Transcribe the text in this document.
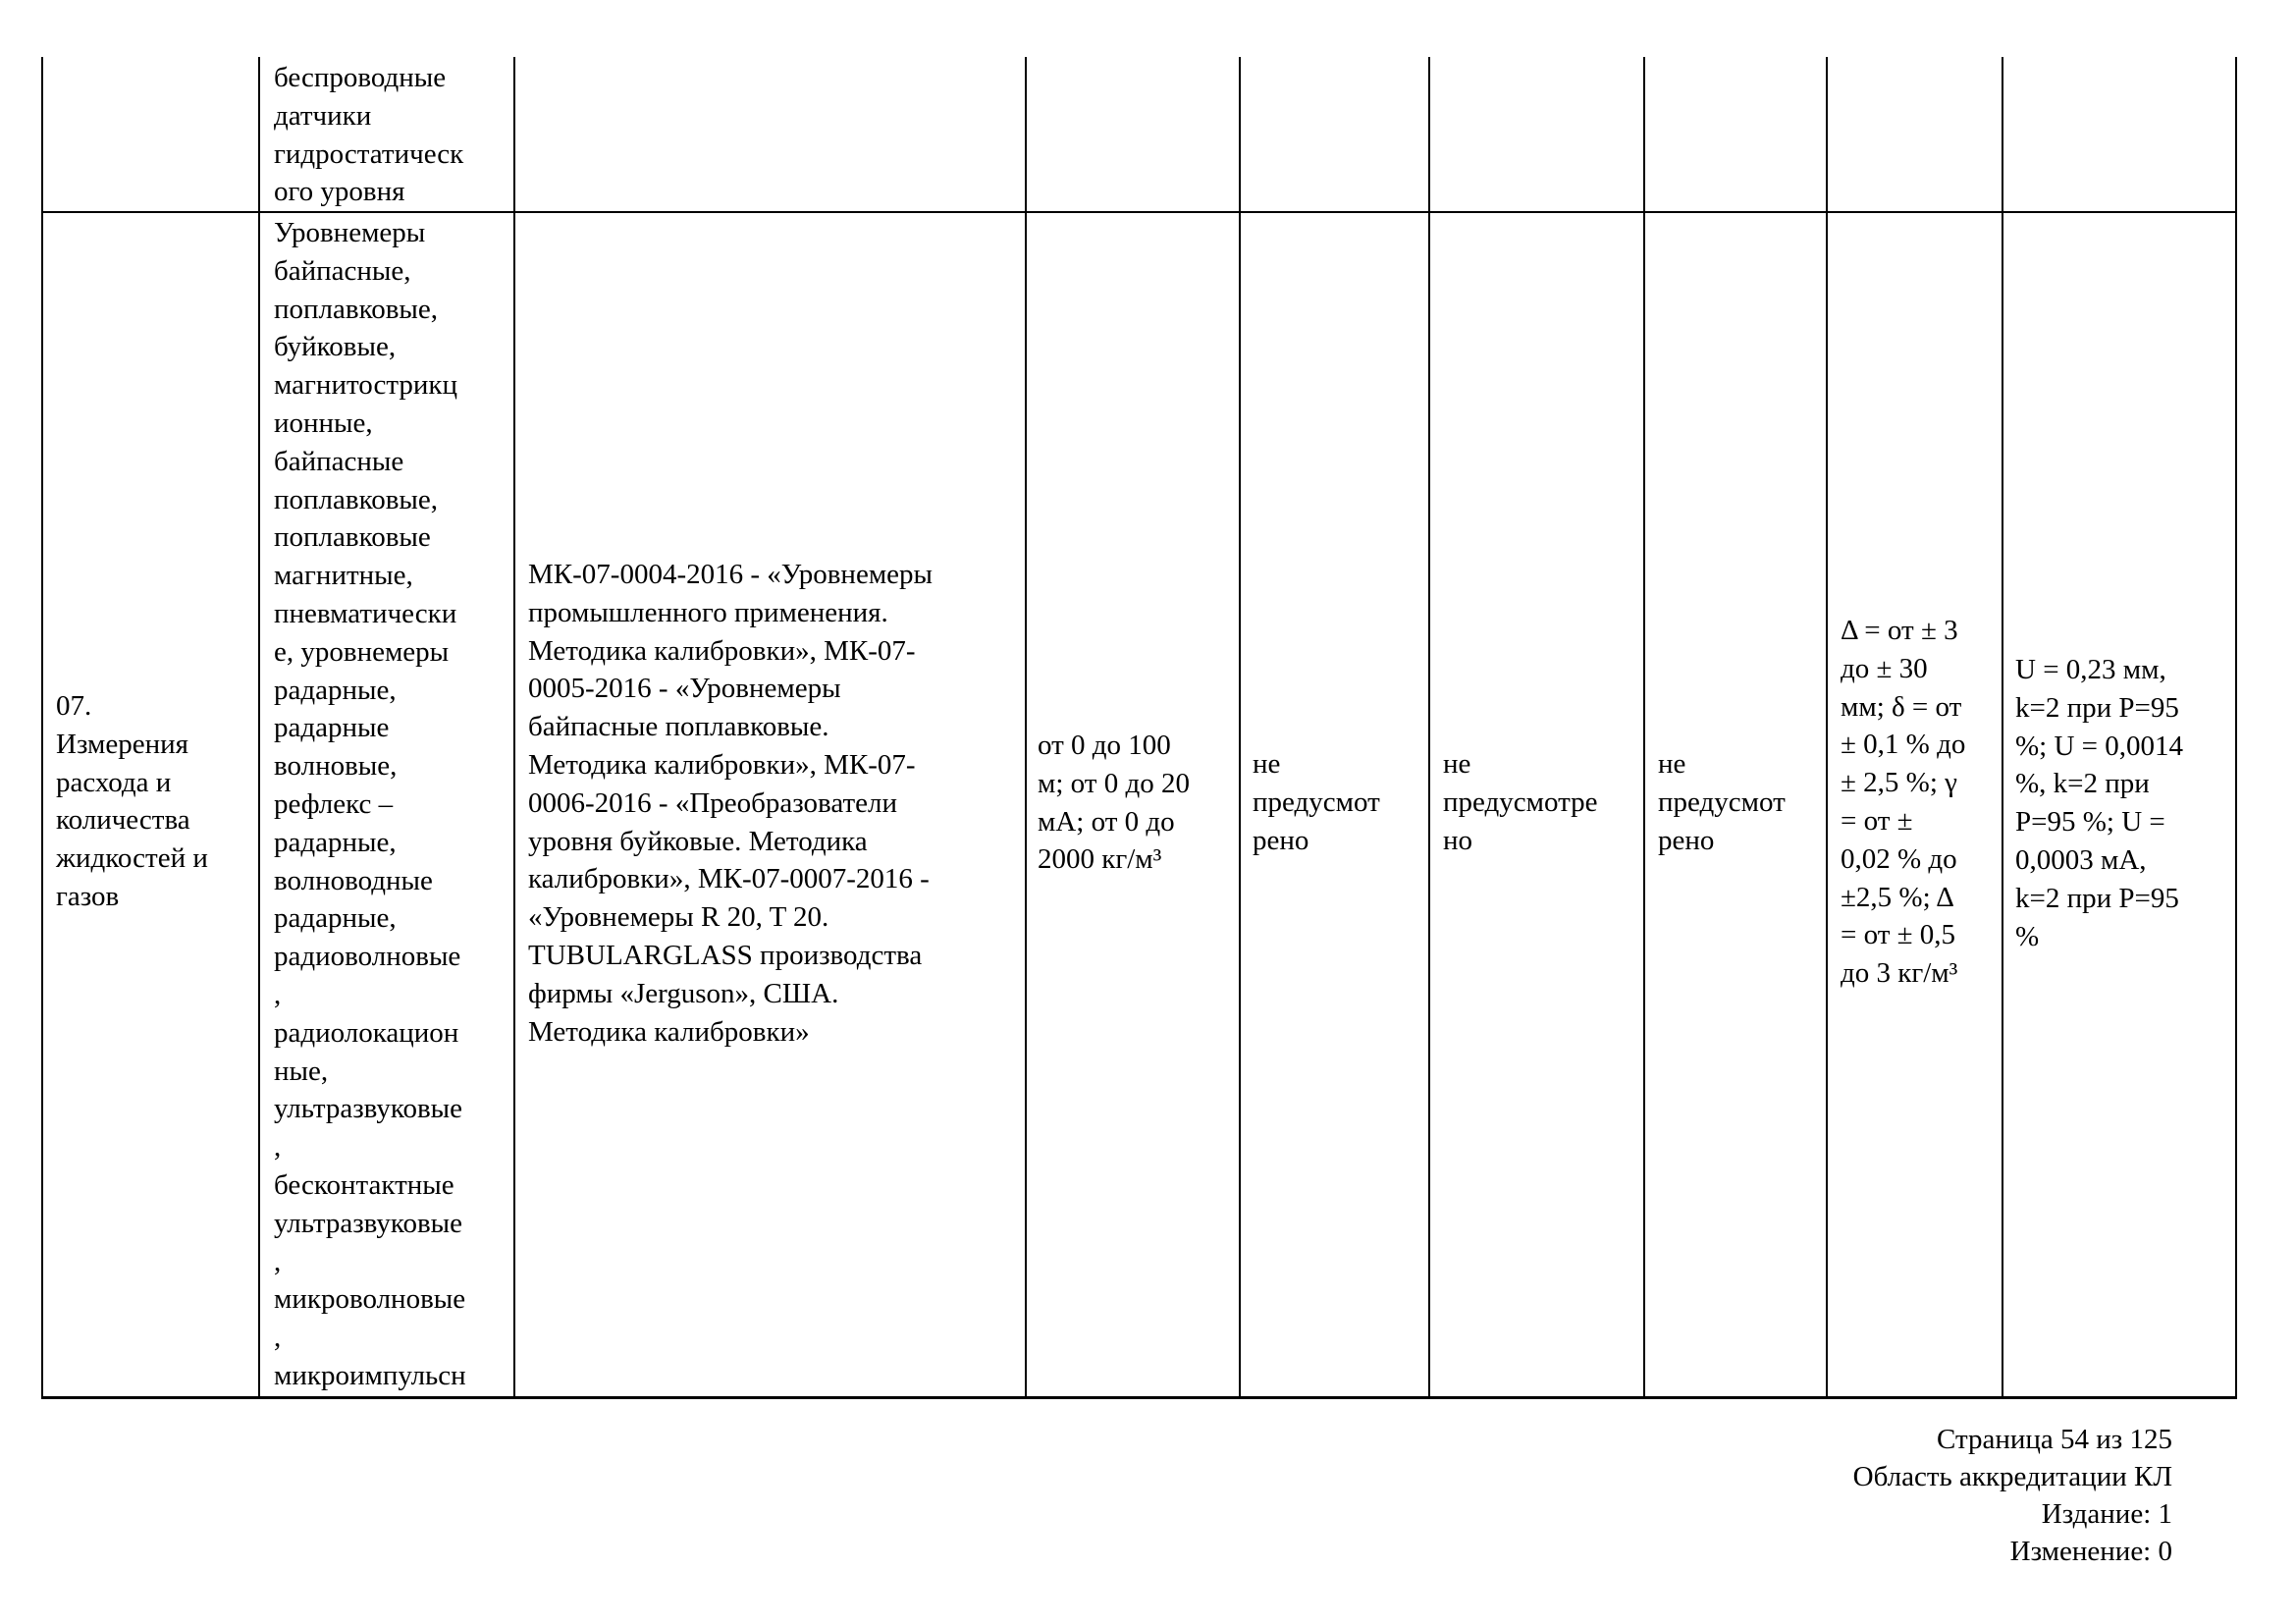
беспроводные
датчики
гидростатическ
ого уровня
07.
Измерения
расхода и
количества
жидкостей и
газов
Уровнемеры
байпасные,
поплавковые,
буйковые,
магнитострикц
ионные,
байпасные
поплавковые,
поплавковые
магнитные,
пневматически
е, уровнемеры
радарные,
радарные
волновые,
рефлекс –
радарные,
волноводные
радарные,
радиоволновые
,
радиолокацион
ные,
ультразвуковые
,
бесконтактные
ультразвуковые
,
микроволновые
,
микроимпульсн
МК-07-0004-2016 - «Уровнемеры
промышленного применения.
Методика калибровки», МК-07-
0005-2016 - «Уровнемеры
байпасные поплавковые.
Методика калибровки», МК-07-
0006-2016 - «Преобразователи
уровня буйковые. Методика
калибровки», МК-07-0007-2016 -
«Уровнемеры R 20, T 20.
TUBULARGLASS производства
фирмы «Jerguson», США.
Методика калибровки»
от 0 до 100
м; от 0 до 20
мА; от 0 до
2000 кг/м³
не
предусмот
рено
не
предусмотре
но
не
предусмот
рено
Δ = от ± 3
до ± 30
мм; δ = от
± 0,1 % до
± 2,5 %; γ
= от ±
0,02 % до
±2,5 %; Δ
= от ± 0,5
до 3 кг/м³
U = 0,23 мм,
k=2 при P=95
%; U = 0,0014
%, k=2 при
P=95 %; U =
0,0003 мА,
k=2 при P=95
%
Страница 54 из 125
Область аккредитации КЛ
Издание: 1
Изменение: 0
